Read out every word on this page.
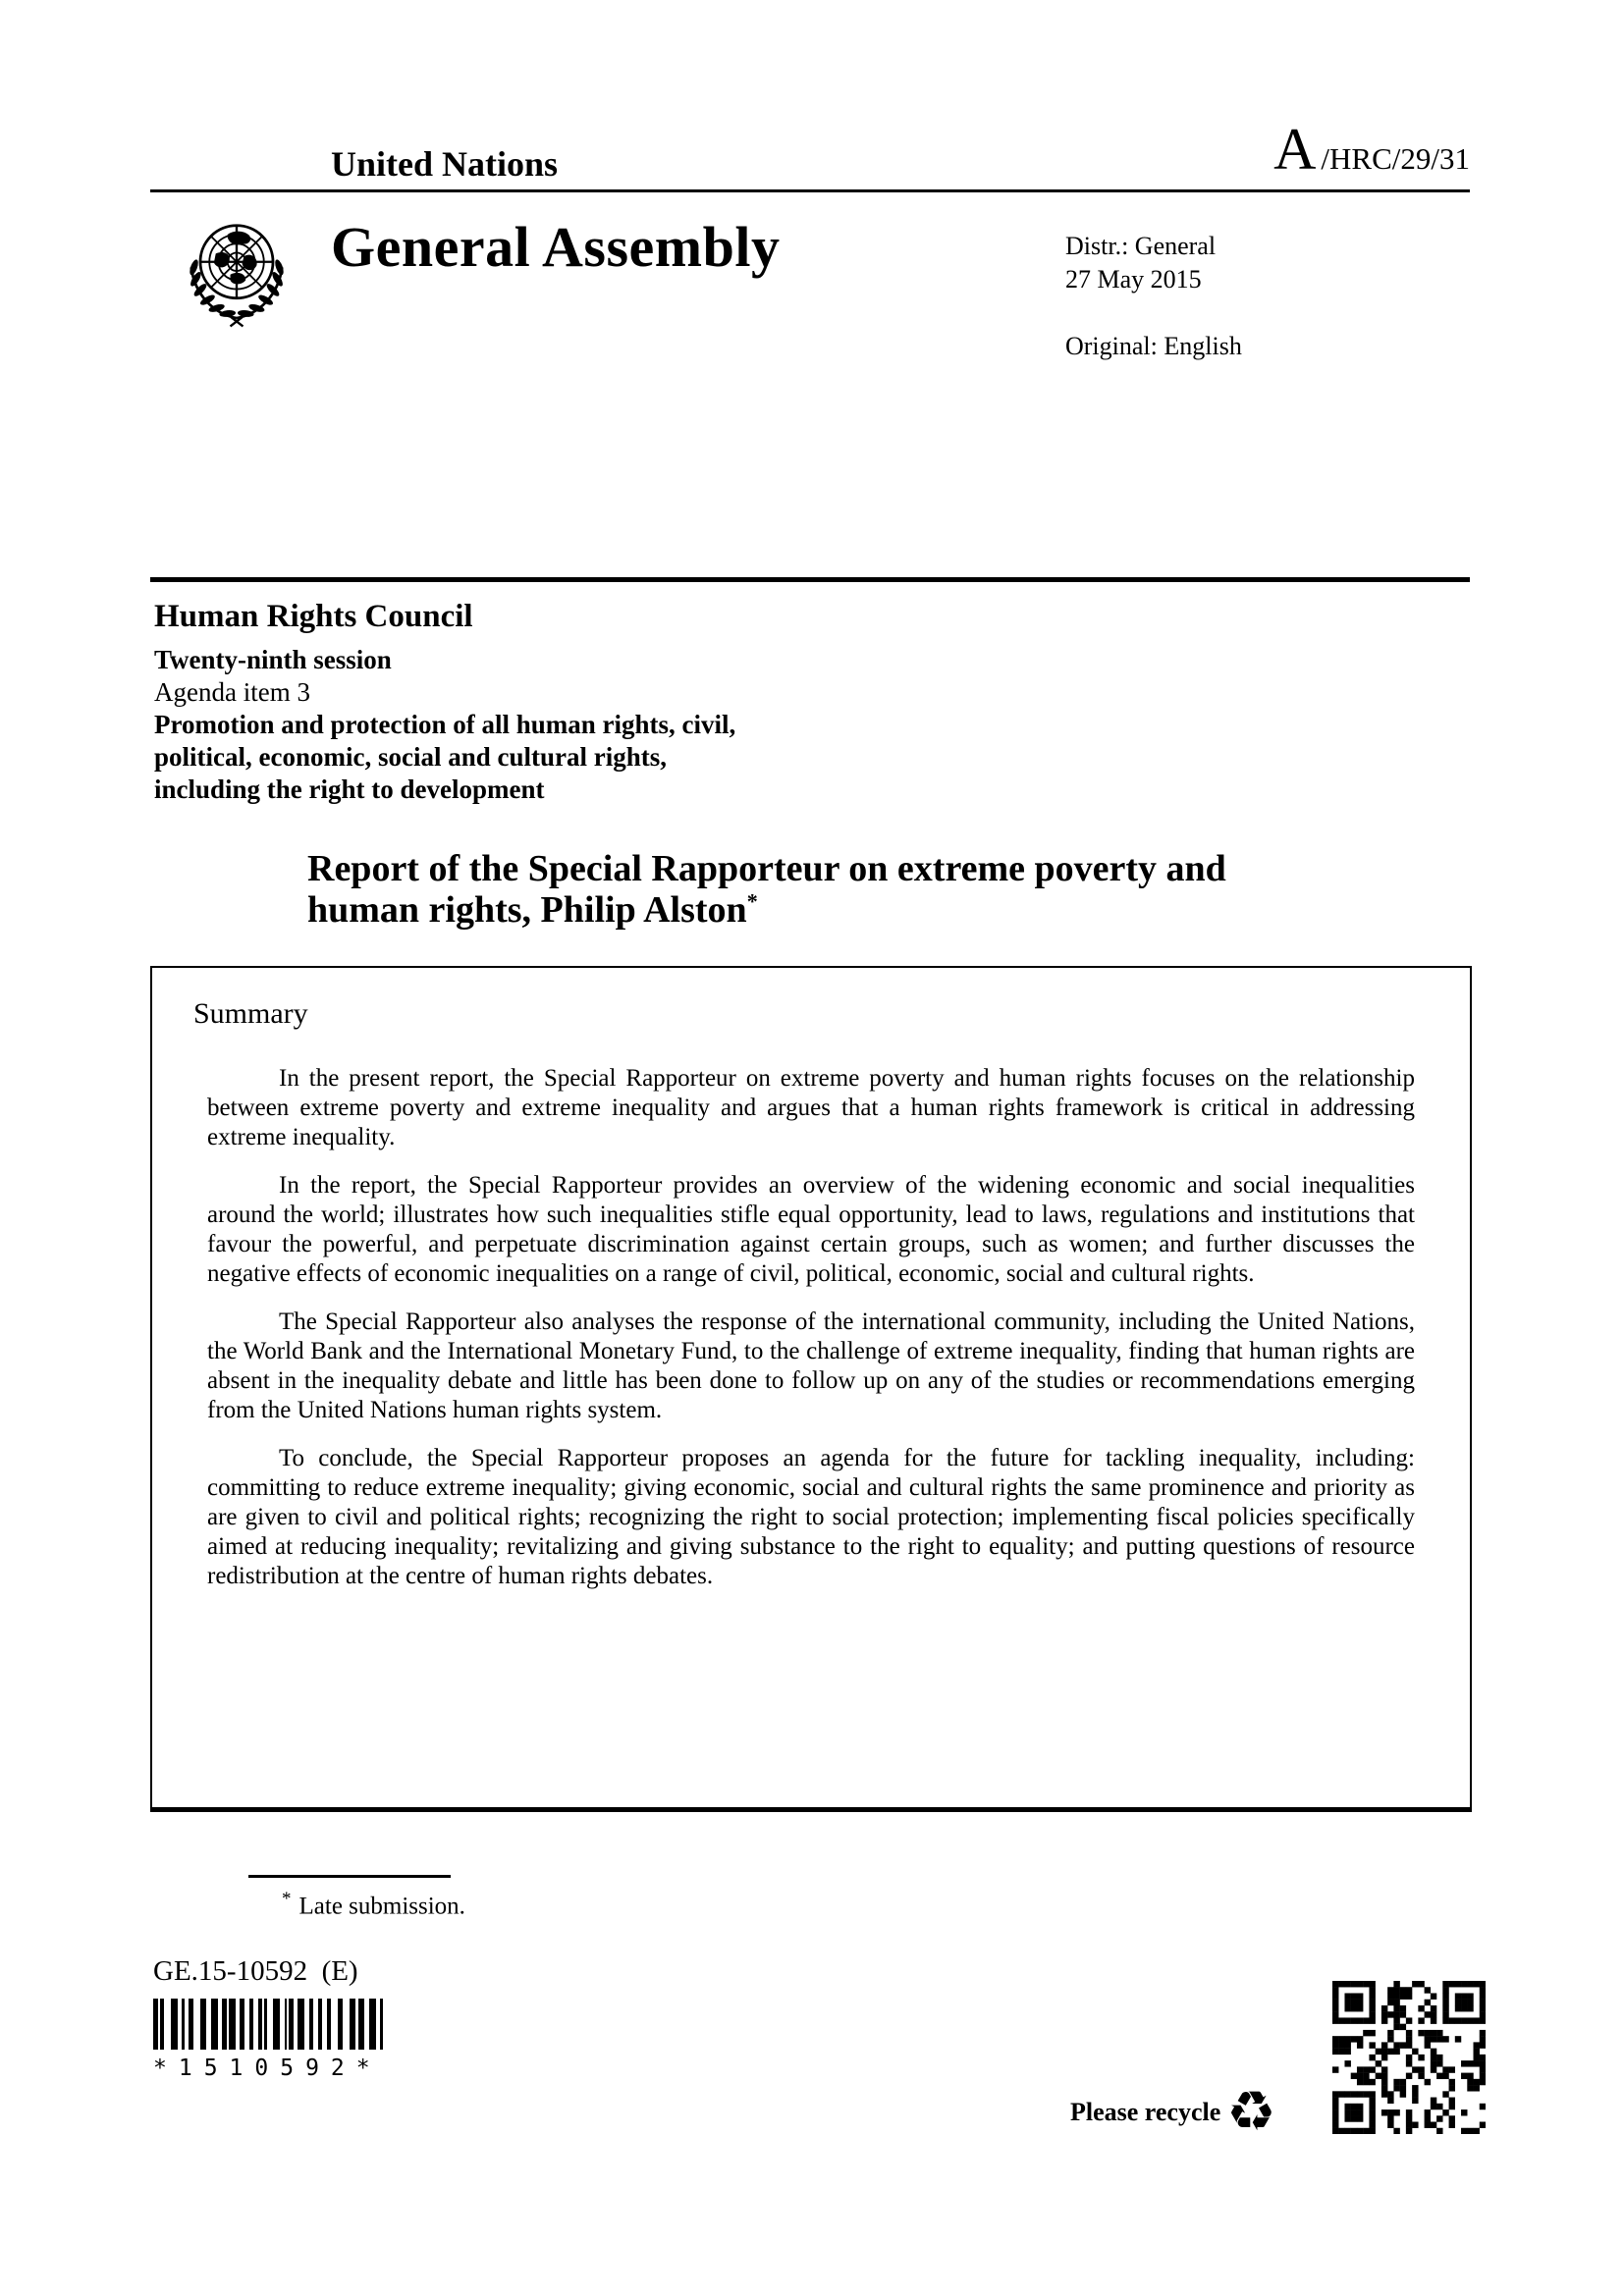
United Nations	A /HRC/29/31
General Assembly	Distr.: General
27 May 2015
Original: English
Human Rights Council
Twenty-ninth session
Agenda item 3
Promotion and protection of all human rights, civil,
political, economic, social and cultural rights,
including the right to development
Report of the Special Rapporteur on extreme poverty and
human rights, Philip Alston*
Summary

In the present report, the Special Rapporteur on extreme poverty and human rights focuses on the relationship between extreme poverty and extreme inequality and argues that a human rights framework is critical in addressing extreme inequality.

In the report, the Special Rapporteur provides an overview of the widening economic and social inequalities around the world; illustrates how such inequalities stifle equal opportunity, lead to laws, regulations and institutions that favour the powerful, and perpetuate discrimination against certain groups, such as women; and further discusses the negative effects of economic inequalities on a range of civil, political, economic, social and cultural rights.

The Special Rapporteur also analyses the response of the international community, including the United Nations, the World Bank and the International Monetary Fund, to the challenge of extreme inequality, finding that human rights are absent in the inequality debate and little has been done to follow up on any of the studies or recommendations emerging from the United Nations human rights system.

To conclude, the Special Rapporteur proposes an agenda for the future for tackling inequality, including: committing to reduce extreme inequality; giving economic, social and cultural rights the same prominence and priority as are given to civil and political rights; recognizing the right to social protection; implementing fiscal policies specifically aimed at reducing inequality; revitalizing and giving substance to the right to equality; and putting questions of resource redistribution at the centre of human rights debates.

* Late submission.
GE.15-10592  (E)
*1510592*
Please recycle ♻
